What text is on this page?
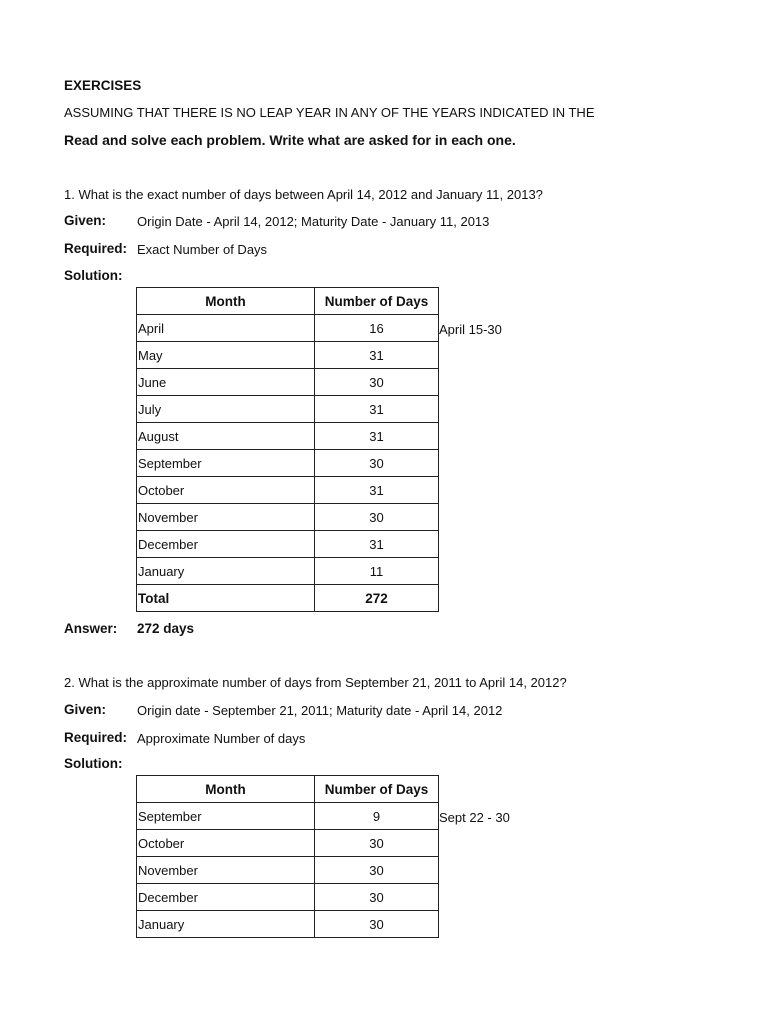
EXERCISES
ASSUMING THAT THERE IS NO LEAP YEAR IN ANY OF THE YEARS INDICATED IN THE
Read and solve each problem. Write what are asked for in each one.
1. What is the exact number of days between April 14, 2012 and January 11, 2013?
Given: Origin Date - April 14, 2012; Maturity Date - January 11, 2013
Required: Exact Number of Days
Solution:
Month	Number of Days
April	16
May	31
June	30
July	31
August	31
September	30
October	31
November	30
December	31
January	11
Total	272
April 15-30
Answer: 272 days
2. What is the approximate number of days from September 21, 2011 to April 14, 2012?
Given: Origin date - September 21, 2011; Maturity date - April 14, 2012
Required: Approximate Number of days
Solution:
Month	Number of Days
September	9
October	30
November	30
December	30
January	30
Sept 22 - 30
